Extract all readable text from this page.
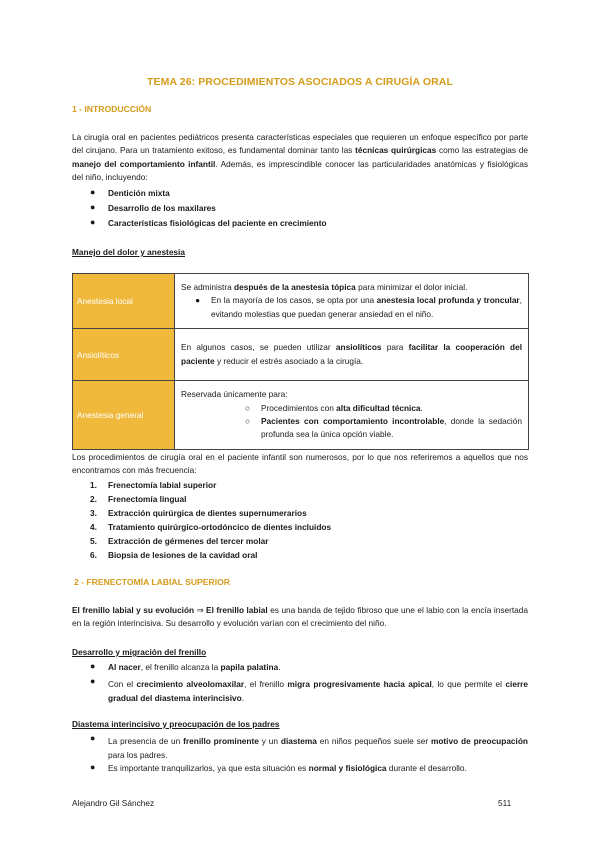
TEMA 26: PROCEDIMIENTOS ASOCIADOS A CIRUGÍA ORAL
1 - INTRODUCCIÓN
La cirugía oral en pacientes pediátricos presenta características especiales que requieren un enfoque específico por parte del cirujano. Para un tratamiento exitoso, es fundamental dominar tanto las técnicas quirúrgicas como las estrategias de manejo del comportamiento infantil. Además, es imprescindible conocer las particularidades anatómicas y fisiológicas del niño, incluyendo:
● Dentición mixta
● Desarrollo de los maxilares
● Características fisiológicas del paciente en crecimiento
Manejo del dolor y anestesia
Anestesia local	Se administra después de la anestesia tópica para minimizar el dolor inicial.
● En la mayoría de los casos, se opta por una anestesia local profunda y troncular, evitando molestias que puedan generar ansiedad en el niño.

Ansiolíticos	En algunos casos, se pueden utilizar ansiolíticos para facilitar la cooperación del paciente y reducir el estrés asociado a la cirugía.
Anestesia general	Reservada únicamente para:
○ Procedimientos con alta dificultad técnica.
○ Pacientes con comportamiento incontrolable, donde la sedación profunda sea la única opción viable.
Los procedimientos de cirugía oral en el paciente infantil son numerosos, por lo que nos referiremos a aquellos que nos encontramos con más frecuencia:
1. Frenectomía labial superior
2. Frenectomía lingual
3. Extracción quirúrgica de dientes supernumerarios
4. Tratamiento quirúrgico-ortodóncico de dientes incluidos
5. Extracción de gérmenes del tercer molar
6. Biopsia de lesiones de la cavidad oral
2 - FRENECTOMÍA LABIAL SUPERIOR
El frenillo labial y su evolución ⇒ El frenillo labial es una banda de tejido fibroso que une el labio con la encía insertada en la región interincisiva. Su desarrollo y evolución varían con el crecimiento del niño.
Desarrollo y migración del frenillo
● Al nacer, el frenillo alcanza la papila palatina.
● Con el crecimiento alveolomaxilar, el frenillo migra progresivamente hacia apical, lo que permite el cierre gradual del diastema interincisivo.
Diastema interincisivo y preocupación de los padres
● La presencia de un frenillo prominente y un diastema en niños pequeños suele ser motivo de preocupación para los padres.
● Es importante tranquilizarlos, ya que esta situación es normal y fisiológica durante el desarrollo.
Alejandro Gil Sánchez	511
